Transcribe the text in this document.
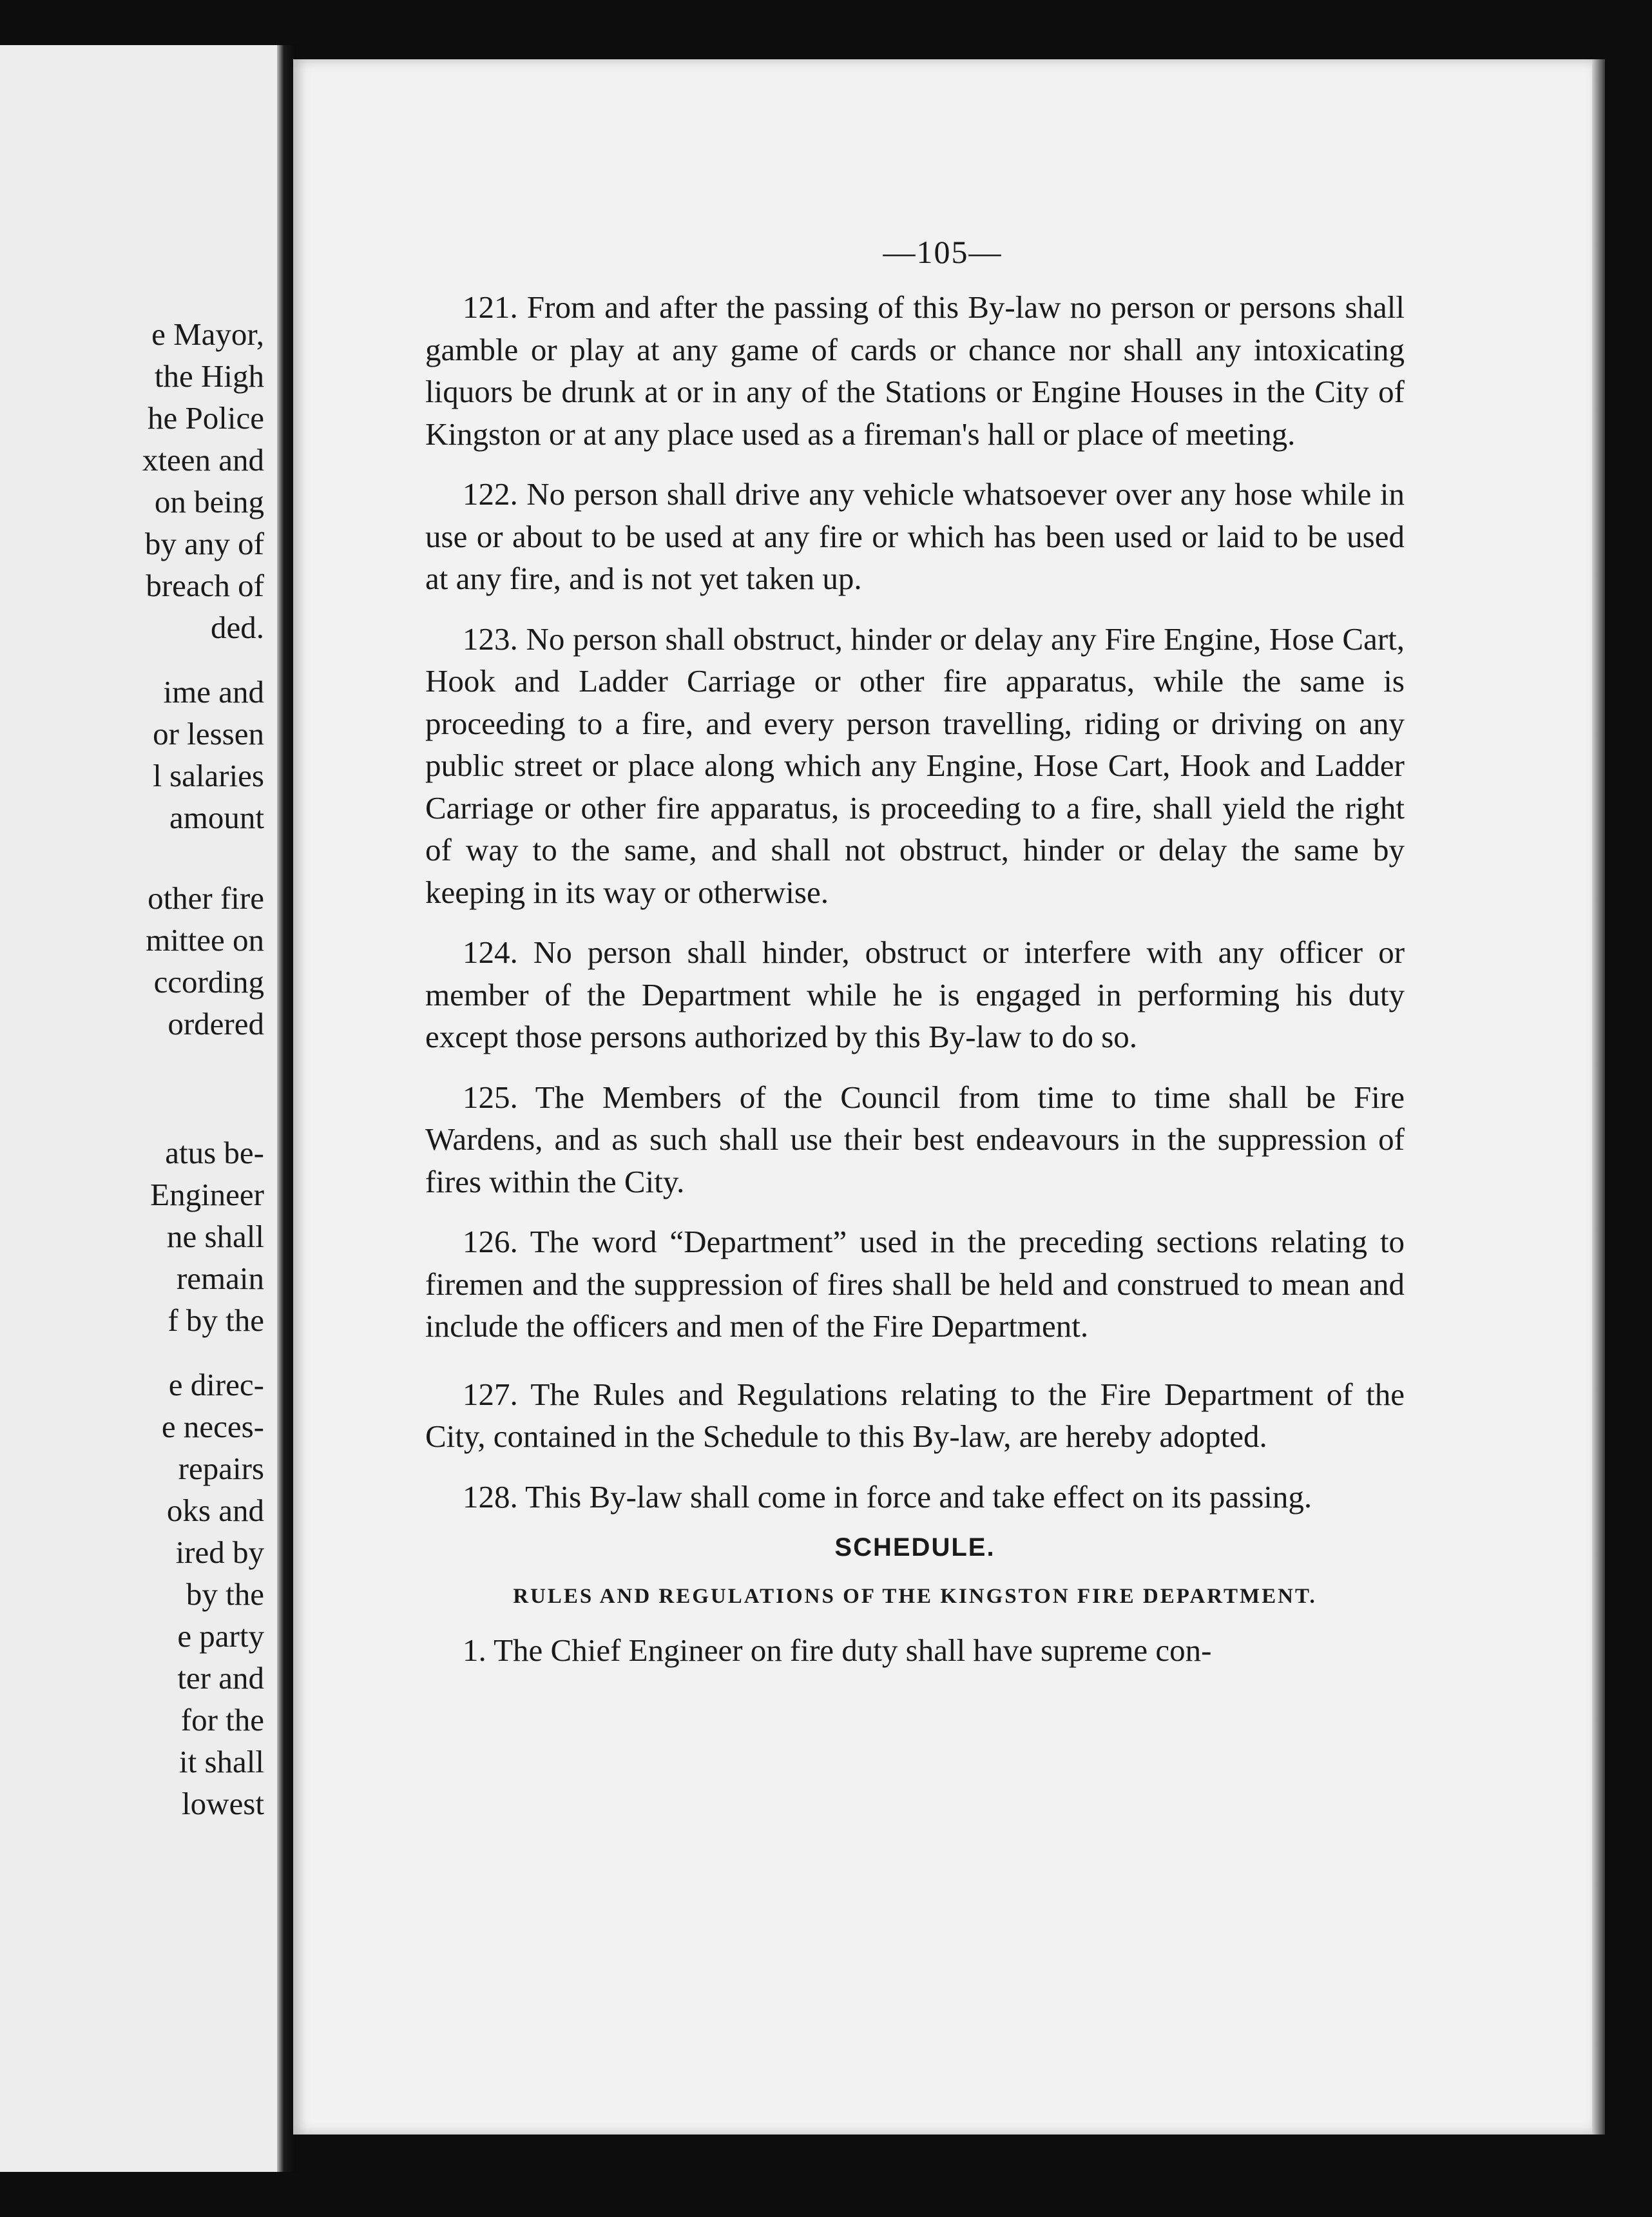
e Mayor,
the High
he Police
xteen and
on being
by any of
breach of
ded.
ime and
or lessen
l salaries
amount
other fire
mittee on
ccording
ordered
atus be-
Engineer
ne shall
remain
f by the
e direc-
e neces-
repairs
oks and
ired by
by the
e party
ter and
for the
it shall
lowest
—105—

121. From and after the passing of this By-law no person or persons shall gamble or play at any game of cards or chance nor shall any intoxicating liquors be drunk at or in any of the Stations or Engine Houses in the City of Kingston or at any place used as a fireman's hall or place of meeting.

122. No person shall drive any vehicle whatsoever over any hose while in use or about to be used at any fire or which has been used or laid to be used at any fire, and is not yet taken up.

123. No person shall obstruct, hinder or delay any Fire Engine, Hose Cart, Hook and Ladder Carriage or other fire apparatus, while the same is proceeding to a fire, and every person travelling, riding or driving on any public street or place along which any Engine, Hose Cart, Hook and Ladder Carriage or other fire apparatus, is proceeding to a fire, shall yield the right of way to the same, and shall not obstruct, hinder or delay the same by keeping in its way or otherwise.

124. No person shall hinder, obstruct or interfere with any officer or member of the Department while he is engaged in performing his duty except those persons authorized by this By-law to do so.

125. The Members of the Council from time to time shall be Fire Wardens, and as such shall use their best endeavours in the suppression of fires within the City.

126. The word “Department” used in the preceding sections relating to firemen and the suppression of fires shall be held and construed to mean and include the officers and men of the Fire Department.

127. The Rules and Regulations relating to the Fire Department of the City, contained in the Schedule to this By-law, are hereby adopted.

128. This By-law shall come in force and take effect on its passing.

SCHEDULE.
RULES AND REGULATIONS OF THE KINGSTON FIRE DEPARTMENT.

1. The Chief Engineer on fire duty shall have supreme con-
